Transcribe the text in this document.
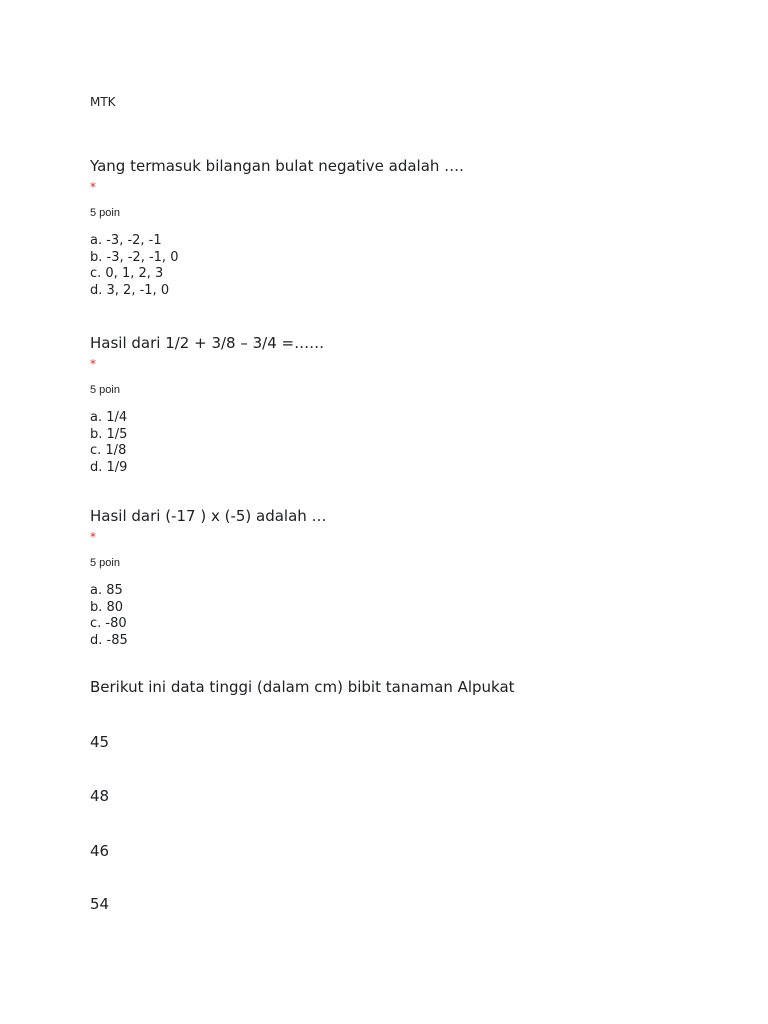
MTK

Yang termasuk bilangan bulat negative adalah ….

*
5 poin
a. -3, -2, -1
b. -3, -2, -1, 0
c. 0, 1, 2, 3
d. 3, 2, -1, 0

Hasil dari 1/2 + 3/8 – 3/4 =……

*
5 poin
a. 1/4
b. 1/5
c. 1/8
d. 1/9

Hasil dari (-17 ) x (-5) adalah …

*
5 poin
a. 85
b. 80
c. -80
d. -85
Berikut ini data tinggi (dalam cm) bibit tanaman Alpukat
45
48
46
54
